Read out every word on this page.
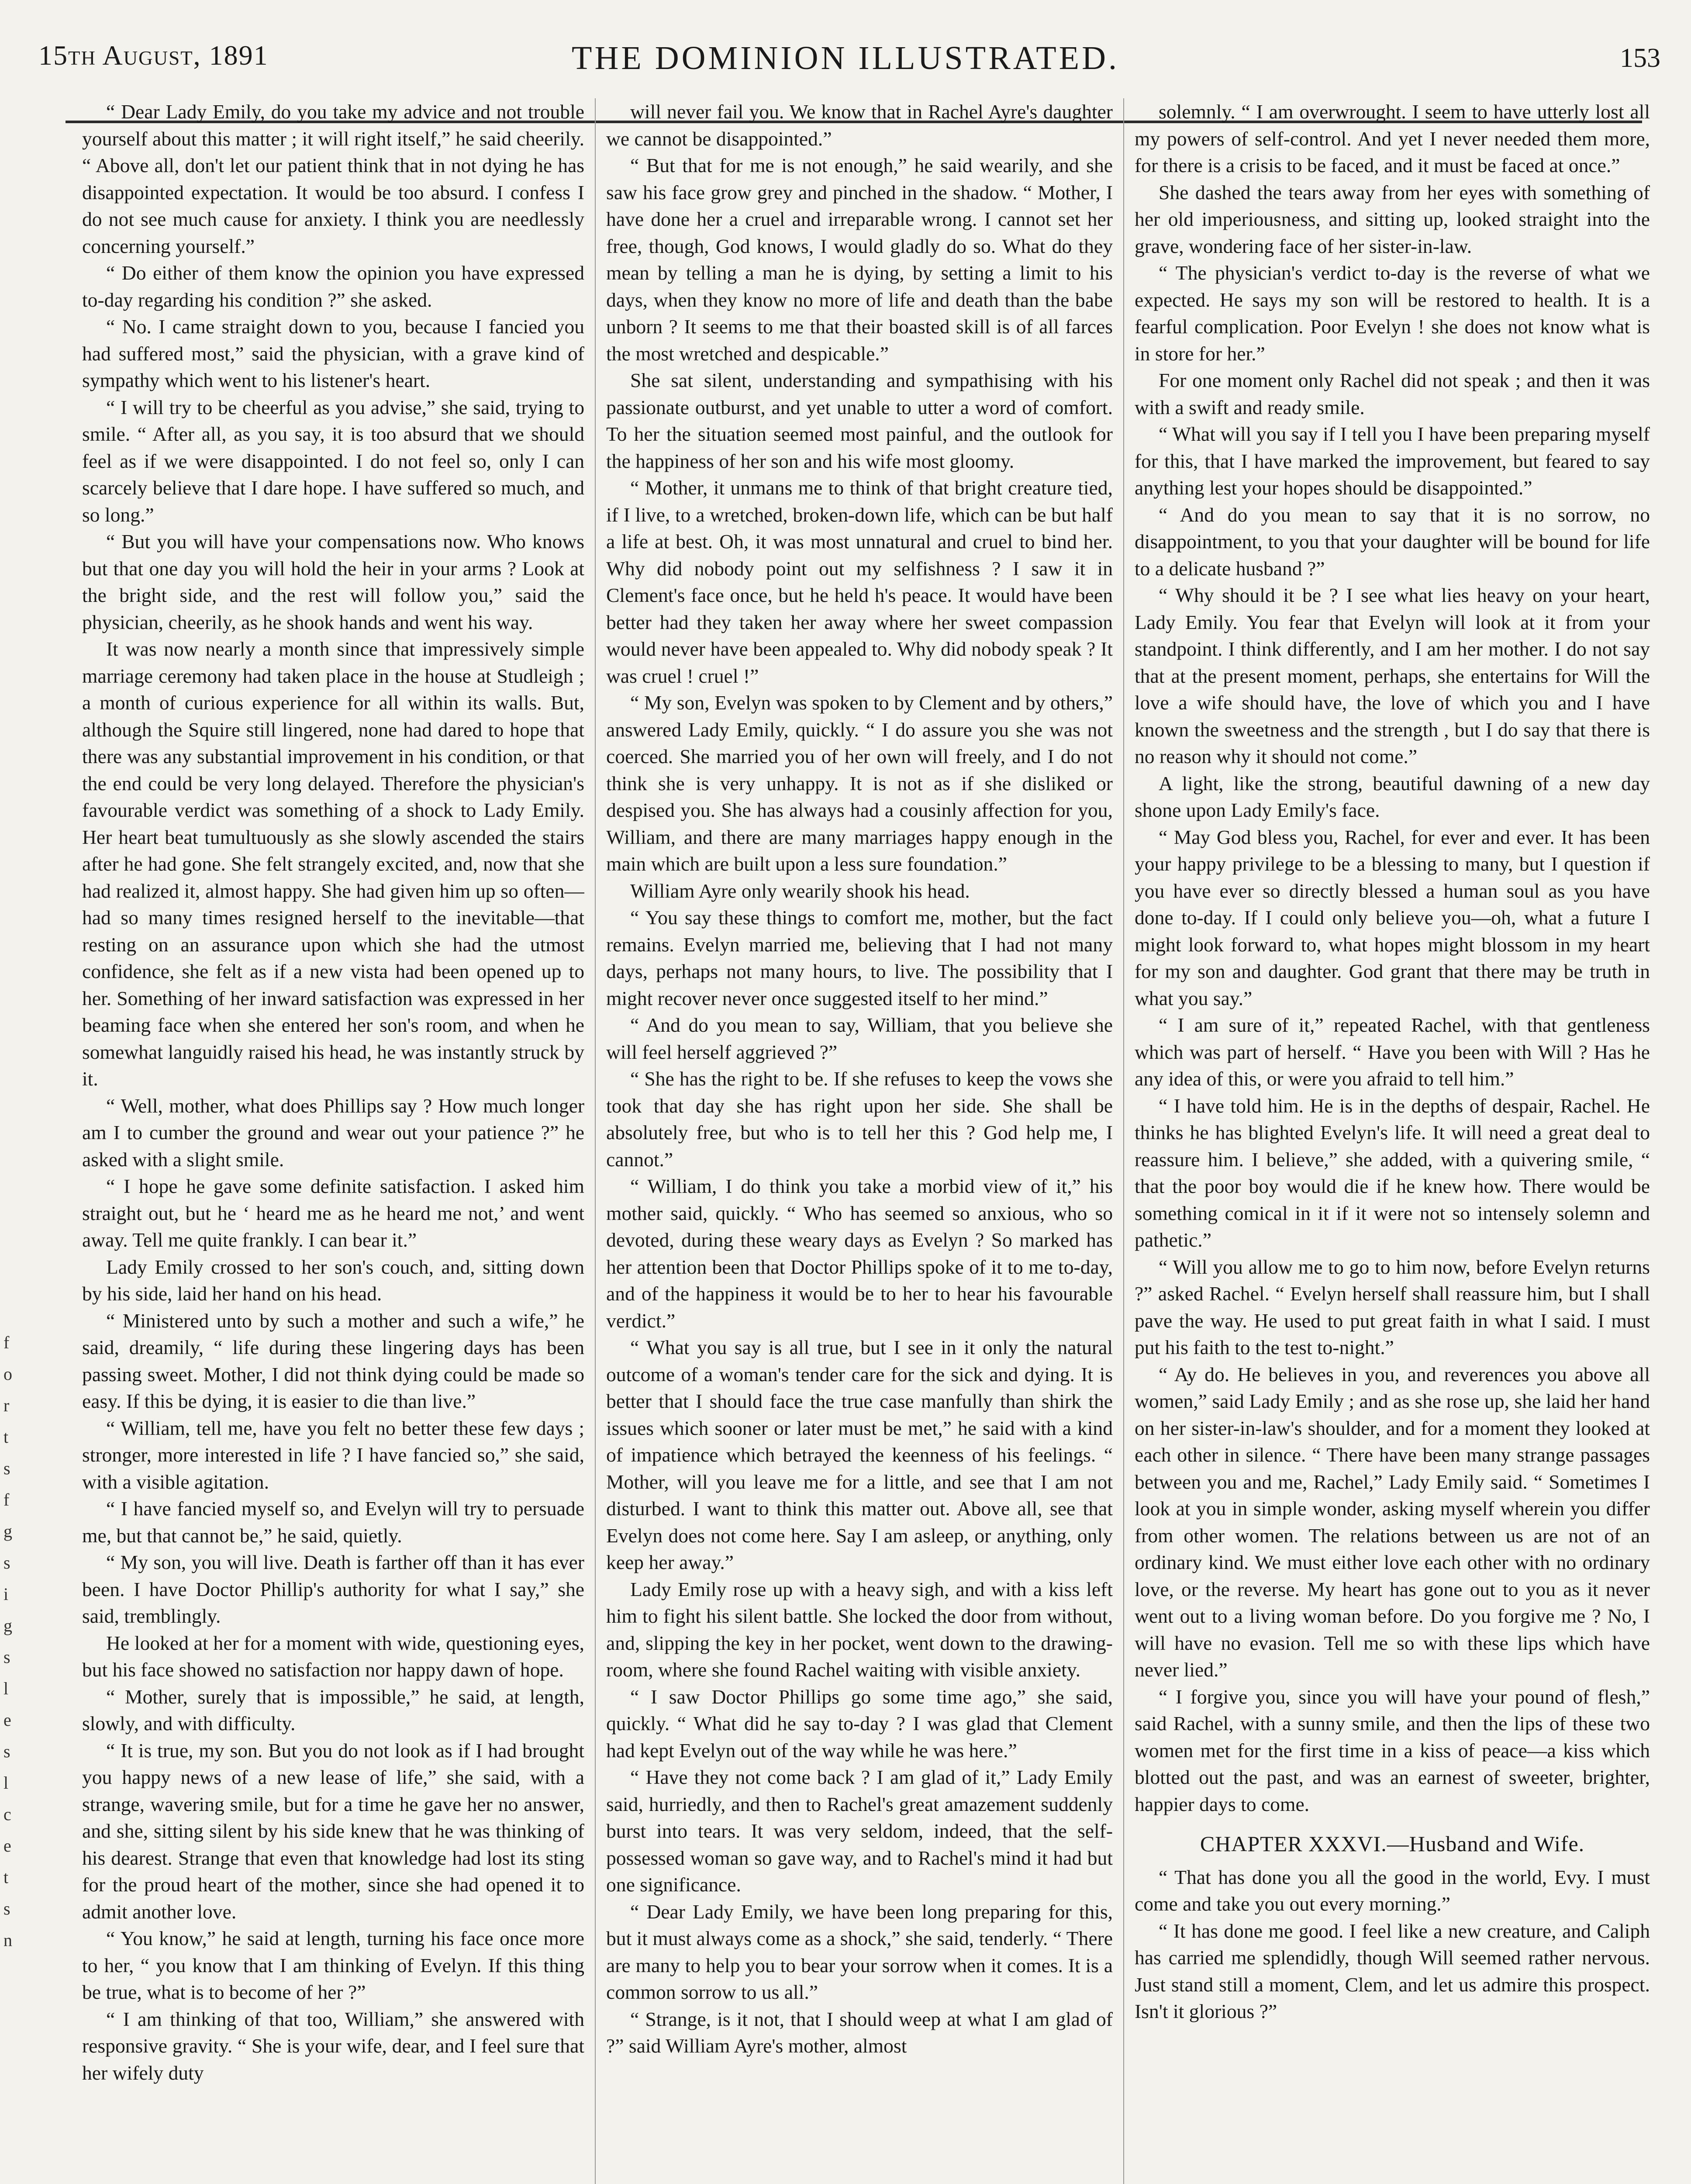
15th August, 1891	THE DOMINION ILLUSTRATED.	153

“ Dear Lady Emily, do you take my advice and not trouble yourself about this matter ; it will right itself,” he said cheerily. “ Above all, don't let our patient think that in not dying he has disappointed expectation. It would be too absurd. I confess I do not see much cause for anxiety. I think you are needlessly concerning yourself.”

“ Do either of them know the opinion you have expressed to-day regarding his condition ?” she asked.

“ No. I came straight down to you, because I fancied you had suffered most,” said the physician, with a grave kind of sympathy which went to his listener's heart.

“ I will try to be cheerful as you advise,” she said, trying to smile. “ After all, as you say, it is too absurd that we should feel as if we were disappointed. I do not feel so, only I can scarcely believe that I dare hope. I have suffered so much, and so long.”

“ But you will have your compensations now. Who knows but that one day you will hold the heir in your arms ? Look at the bright side, and the rest will follow you,” said the physician, cheerily, as he shook hands and went his way.

It was now nearly a month since that impressively simple marriage ceremony had taken place in the house at Studleigh ; a month of curious experience for all within its walls. But, although the Squire still lingered, none had dared to hope that there was any substantial improvement in his condition, or that the end could be very long delayed. Therefore the physician's favourable verdict was something of a shock to Lady Emily. Her heart beat tumultuously as she slowly ascended the stairs after he had gone. She felt strangely excited, and, now that she had realized it, almost happy. She had given him up so often—had so many times resigned herself to the inevitable—that resting on an assurance upon which she had the utmost confidence, she felt as if a new vista had been opened up to her. Something of her inward satisfaction was expressed in her beaming face when she entered her son's room, and when he somewhat languidly raised his head, he was instantly struck by it.

“ Well, mother, what does Phillips say ? How much longer am I to cumber the ground and wear out your patience ?” he asked with a slight smile.

“ I hope he gave some definite satisfaction. I asked him straight out, but he ‘ heard me as he heard me not,’ and went away. Tell me quite frankly. I can bear it.”

Lady Emily crossed to her son's couch, and, sitting down by his side, laid her hand on his head.

“ Ministered unto by such a mother and such a wife,” he said, dreamily, “ life during these lingering days has been passing sweet. Mother, I did not think dying could be made so easy. If this be dying, it is easier to die than live.”

“ William, tell me, have you felt no better these few days ; stronger, more interested in life ? I have fancied so,” she said, with a visible agitation.

“ I have fancied myself so, and Evelyn will try to persuade me, but that cannot be,” he said, quietly.

“ My son, you will live. Death is farther off than it has ever been. I have Doctor Phillip's authority for what I say,” she said, tremblingly.

He looked at her for a moment with wide, questioning eyes, but his face showed no satisfaction nor happy dawn of hope.

“ Mother, surely that is impossible,” he said, at length, slowly, and with difficulty.

“ It is true, my son. But you do not look as if I had brought you happy news of a new lease of life,” she said, with a strange, wavering smile, but for a time he gave her no answer, and she, sitting silent by his side knew that he was thinking of his dearest. Strange that even that knowledge had lost its sting for the proud heart of the mother, since she had opened it to admit another love.

“ You know,” he said at length, turning his face once more to her, “ you know that I am thinking of Evelyn. If this thing be true, what is to become of her ?”

“ I am thinking of that too, William,” she answered with responsive gravity. “ She is your wife, dear, and I feel sure that her wifely duty

will never fail you. We know that in Rachel Ayre's daughter we cannot be disappointed.”

“ But that for me is not enough,” he said wearily, and she saw his face grow grey and pinched in the shadow. “ Mother, I have done her a cruel and irreparable wrong. I cannot set her free, though, God knows, I would gladly do so. What do they mean by telling a man he is dying, by setting a limit to his days, when they know no more of life and death than the babe unborn ? It seems to me that their boasted skill is of all farces the most wretched and despicable.”

She sat silent, understanding and sympathising with his passionate outburst, and yet unable to utter a word of comfort. To her the situation seemed most painful, and the outlook for the happiness of her son and his wife most gloomy.

“ Mother, it unmans me to think of that bright creature tied, if I live, to a wretched, broken-down life, which can be but half a life at best. Oh, it was most unnatural and cruel to bind her. Why did nobody point out my selfishness ? I saw it in Clement's face once, but he held h's peace. It would have been better had they taken her away where her sweet compassion would never have been appealed to. Why did nobody speak ? It was cruel ! cruel !”

“ My son, Evelyn was spoken to by Clement and by others,” answered Lady Emily, quickly. “ I do assure you she was not coerced. She married you of her own will freely, and I do not think she is very unhappy. It is not as if she disliked or despised you. She has always had a cousinly affection for you, William, and there are many marriages happy enough in the main which are built upon a less sure foundation.”

William Ayre only wearily shook his head.

“ You say these things to comfort me, mother, but the fact remains. Evelyn married me, believing that I had not many days, perhaps not many hours, to live. The possibility that I might recover never once suggested itself to her mind.”

“ And do you mean to say, William, that you believe she will feel herself aggrieved ?”

“ She has the right to be. If she refuses to keep the vows she took that day she has right upon her side. She shall be absolutely free, but who is to tell her this ? God help me, I cannot.”

“ William, I do think you take a morbid view of it,” his mother said, quickly. “ Who has seemed so anxious, who so devoted, during these weary days as Evelyn ? So marked has her attention been that Doctor Phillips spoke of it to me to-day, and of the happiness it would be to her to hear his favourable verdict.”

“ What you say is all true, but I see in it only the natural outcome of a woman's tender care for the sick and dying. It is better that I should face the true case manfully than shirk the issues which sooner or later must be met,” he said with a kind of impatience which betrayed the keenness of his feelings. “ Mother, will you leave me for a little, and see that I am not disturbed. I want to think this matter out. Above all, see that Evelyn does not come here. Say I am asleep, or anything, only keep her away.”

Lady Emily rose up with a heavy sigh, and with a kiss left him to fight his silent battle. She locked the door from without, and, slipping the key in her pocket, went down to the drawing-room, where she found Rachel waiting with visible anxiety.

“ I saw Doctor Phillips go some time ago,” she said, quickly. “ What did he say to-day ? I was glad that Clement had kept Evelyn out of the way while he was here.”

“ Have they not come back ? I am glad of it,” Lady Emily said, hurriedly, and then to Rachel's great amazement suddenly burst into tears. It was very seldom, indeed, that the self-possessed woman so gave way, and to Rachel's mind it had but one significance.

“ Dear Lady Emily, we have been long preparing for this, but it must always come as a shock,” she said, tenderly. “ There are many to help you to bear your sorrow when it comes. It is a common sorrow to us all.”

“ Strange, is it not, that I should weep at what I am glad of ?” said William Ayre's mother, almost

solemnly. “ I am overwrought. I seem to have utterly lost all my powers of self-control. And yet I never needed them more, for there is a crisis to be faced, and it must be faced at once.”

She dashed the tears away from her eyes with something of her old imperiousness, and sitting up, looked straight into the grave, wondering face of her sister-in-law.

“ The physician's verdict to-day is the reverse of what we expected. He says my son will be restored to health. It is a fearful complication. Poor Evelyn ! she does not know what is in store for her.”

For one moment only Rachel did not speak ; and then it was with a swift and ready smile.

“ What will you say if I tell you I have been preparing myself for this, that I have marked the improvement, but feared to say anything lest your hopes should be disappointed.”

“ And do you mean to say that it is no sorrow, no disappointment, to you that your daughter will be bound for life to a delicate husband ?”

“ Why should it be ? I see what lies heavy on your heart, Lady Emily. You fear that Evelyn will look at it from your standpoint. I think differently, and I am her mother. I do not say that at the present moment, perhaps, she entertains for Will the love a wife should have, the love of which you and I have known the sweetness and the strength , but I do say that there is no reason why it should not come.”

A light, like the strong, beautiful dawning of a new day shone upon Lady Emily's face.

“ May God bless you, Rachel, for ever and ever. It has been your happy privilege to be a blessing to many, but I question if you have ever so directly blessed a human soul as you have done to-day. If I could only believe you—oh, what a future I might look forward to, what hopes might blossom in my heart for my son and daughter. God grant that there may be truth in what you say.”

“ I am sure of it,” repeated Rachel, with that gentleness which was part of herself. “ Have you been with Will ? Has he any idea of this, or were you afraid to tell him.”

“ I have told him. He is in the depths of despair, Rachel. He thinks he has blighted Evelyn's life. It will need a great deal to reassure him. I believe,” she added, with a quivering smile, “ that the poor boy would die if he knew how. There would be something comical in it if it were not so intensely solemn and pathetic.”

“ Will you allow me to go to him now, before Evelyn returns ?” asked Rachel. “ Evelyn herself shall reassure him, but I shall pave the way. He used to put great faith in what I said. I must put his faith to the test to-night.”

“ Ay do. He believes in you, and reverences you above all women,” said Lady Emily ; and as she rose up, she laid her hand on her sister-in-law's shoulder, and for a moment they looked at each other in silence. “ There have been many strange passages between you and me, Rachel,” Lady Emily said. “ Sometimes I look at you in simple wonder, asking myself wherein you differ from other women. The relations between us are not of an ordinary kind. We must either love each other with no ordinary love, or the reverse. My heart has gone out to you as it never went out to a living woman before. Do you forgive me ? No, I will have no evasion. Tell me so with these lips which have never lied.”

“ I forgive you, since you will have your pound of flesh,” said Rachel, with a sunny smile, and then the lips of these two women met for the first time in a kiss of peace—a kiss which blotted out the past, and was an earnest of sweeter, brighter, happier days to come.

CHAPTER XXXVI.—Husband and Wife.

“ That has done you all the good in the world, Evy. I must come and take you out every morning.”

“ It has done me good. I feel like a new creature, and Caliph has carried me splendidly, though Will seemed rather nervous. Just stand still a moment, Clem, and let us admire this prospect. Isn't it glorious ?”

f
o
r
t
s
f
g
s
i
g
s
l
e
s
l
c
e
t
s
n
